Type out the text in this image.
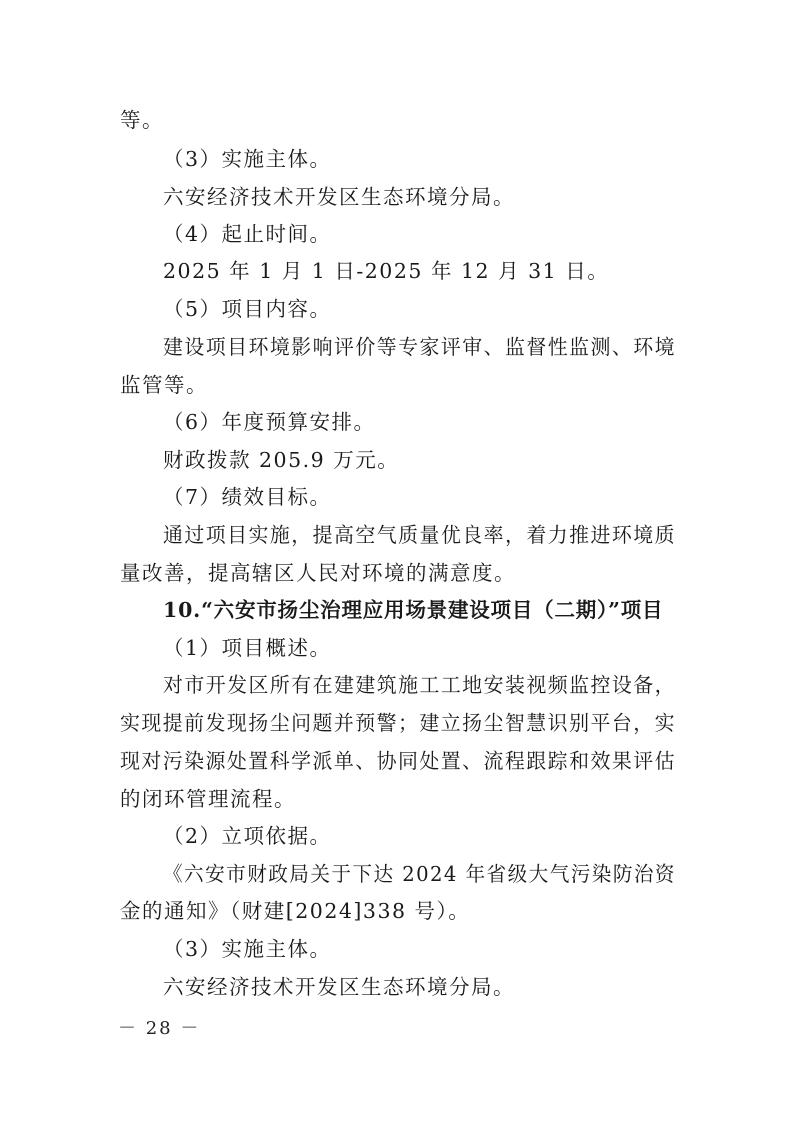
等。
（3）实施主体。
六安经济技术开发区生态环境分局。
（4）起止时间。
2025 年 1 月 1 日-2025 年 12 月 31 日。
（5）项目内容。
建设项目环境影响评价等专家评审、监督性监测、环境
监管等。
（6）年度预算安排。
财政拨款 205.9 万元。
（7）绩效目标。
通过项目实施，提高空气质量优良率，着力推进环境质
量改善，提高辖区人民对环境的满意度。
10.“六安市扬尘治理应用场景建设项目（二期）”项目
（1）项目概述。
对市开发区所有在建建筑施工工地安装视频监控设备，
实现提前发现扬尘问题并预警；建立扬尘智慧识别平台，实
现对污染源处置科学派单、协同处置、流程跟踪和效果评估
的闭环管理流程。
（2）立项依据。
《六安市财政局关于下达 2024 年省级大气污染防治资
金的通知》（财建[2024]338 号）。
（3）实施主体。
六安经济技术开发区生态环境分局。
－ 28 －
